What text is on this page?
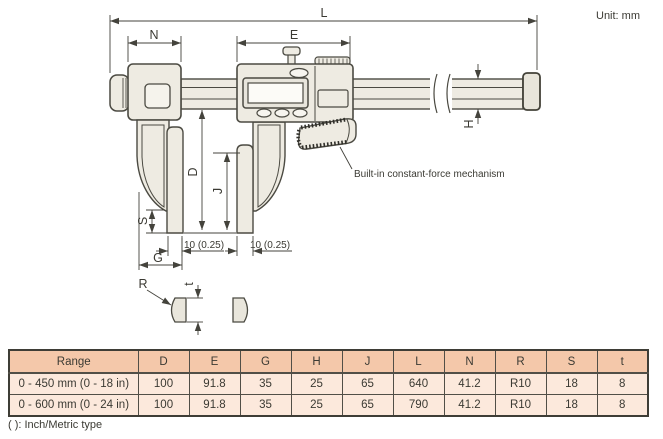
Unit: mm
L
N	E
H
D
J
S
G
R	t
10 (0.25)	10 (0.25)
Built-in constant-force mechanism
Range	D	E	G	H	J	L	N	R	S	t
0 - 450 mm (0 - 18 in)	100	91.8	35	25	65	640	41.2	R10	18	8
0 - 600 mm (0 - 24 in)	100	91.8	35	25	65	790	41.2	R10	18	8
( ): Inch/Metric type
